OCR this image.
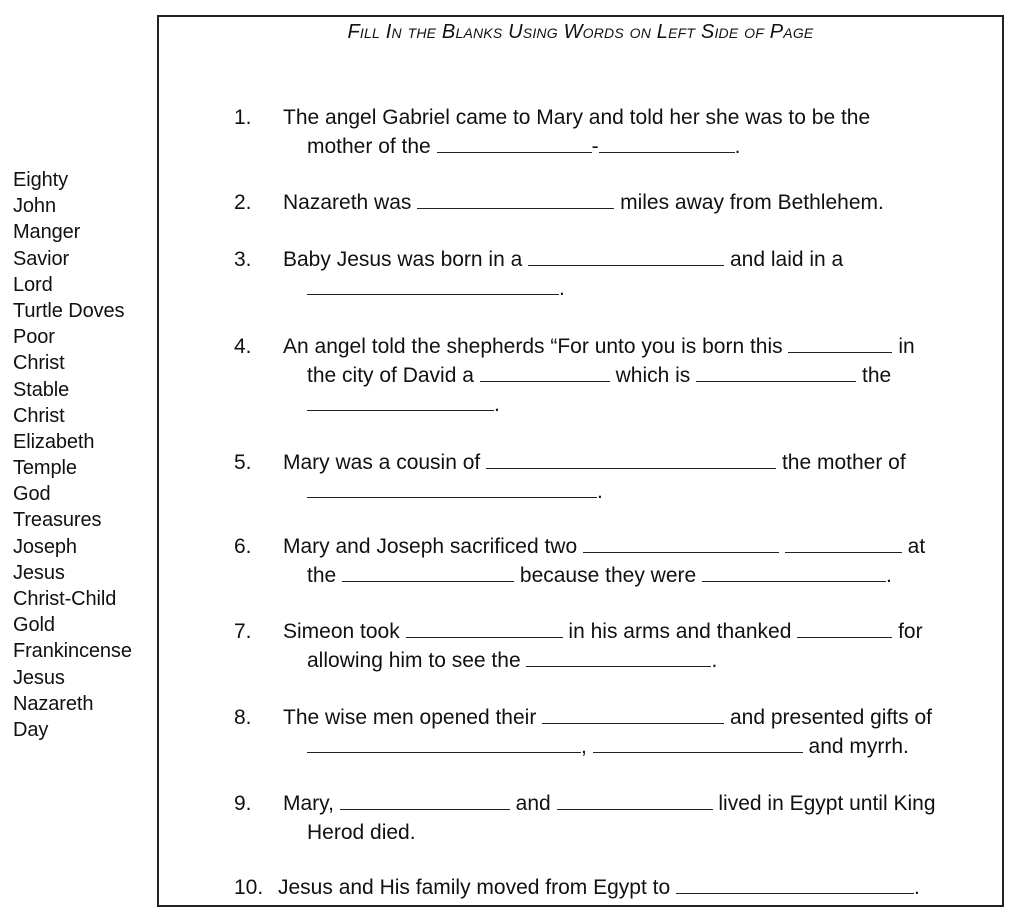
Eighty
John
Manger
Savior
Lord
Turtle Doves
Poor
Christ
Stable
Christ
Elizabeth
Temple
God
Treasures
Joseph
Jesus
Christ-Child
Gold
Frankincense
Jesus
Nazareth
Day
Fill In the Blanks Using Words on Left Side of Page
1. The angel Gabriel came to Mary and told her she was to be the
mother of the	-	.
2. Nazareth was	miles away from Bethlehem.
3. Baby Jesus was born in a	and laid in a
.
4. An angel told the shepherds “For unto you is born this	in
the city of David a	which is	the
.
5. Mary was a cousin of	the mother of
.
6. Mary and Joseph sacrificed two	at
the	because they were	.
7. Simeon took	in his arms and thanked	for
allowing him to see the	.
8. The wise men opened their	and presented gifts of
,	and myrrh.
9. Mary,	and	lived in Egypt until King
Herod died.
10. Jesus and His family moved from Egypt to	.
